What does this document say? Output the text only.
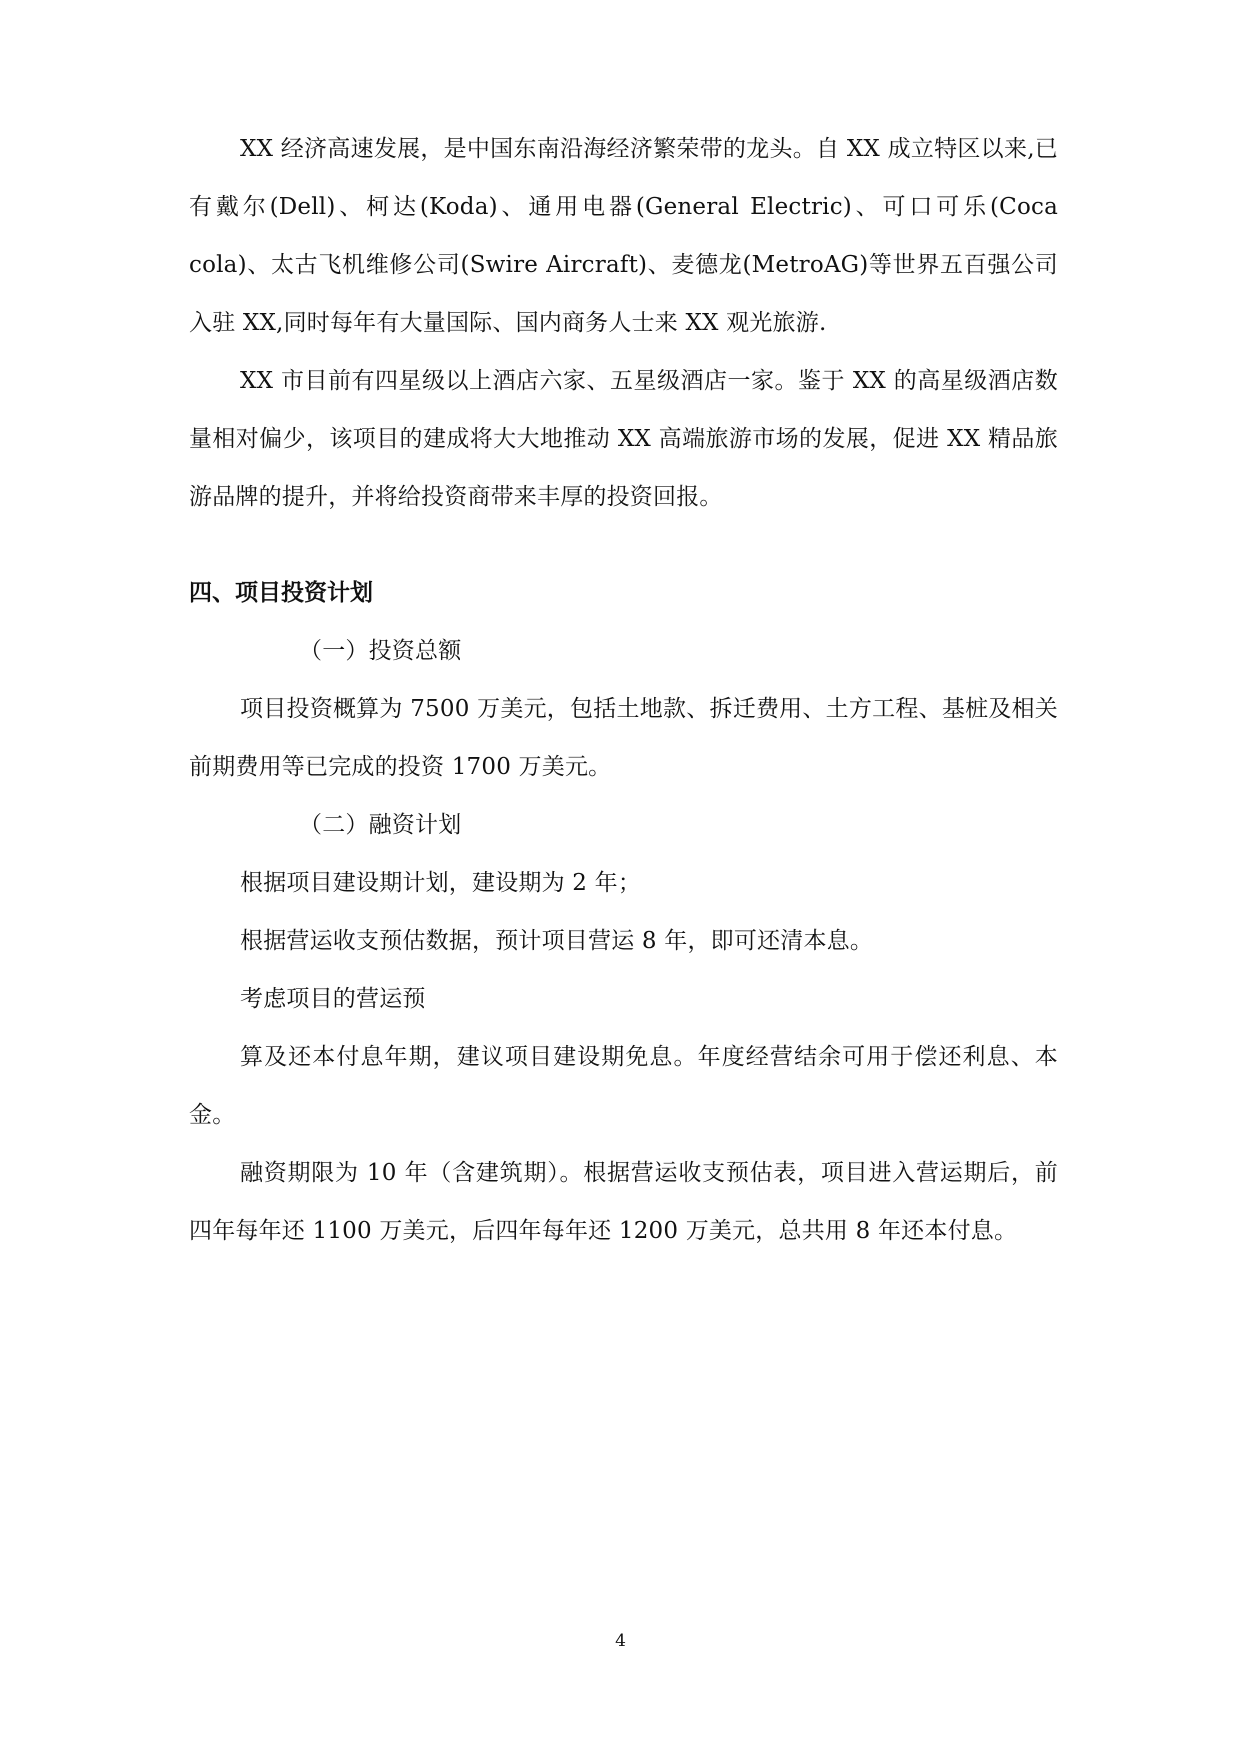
XX 经济高速发展，是中国东南沿海经济繁荣带的龙头。自 XX 成立特区以来,已有戴尔(Dell)、柯达(Koda)、通用电器(General Electric)、可口可乐(Coca cola)、太古飞机维修公司(Swire Aircraft)、麦德龙(MetroAG)等世界五百强公司入驻 XX,同时每年有大量国际、国内商务人士来 XX 观光旅游.

XX 市目前有四星级以上酒店六家、五星级酒店一家。鉴于 XX 的高星级酒店数量相对偏少，该项目的建成将大大地推动 XX 高端旅游市场的发展，促进 XX 精品旅游品牌的提升，并将给投资商带来丰厚的投资回报。

四、项目投资计划

（一）投资总额

项目投资概算为 7500 万美元，包括土地款、拆迁费用、土方工程、基桩及相关前期费用等已完成的投资 1700 万美元。

（二）融资计划

根据项目建设期计划，建设期为 2 年；

根据营运收支预估数据，预计项目营运 8 年，即可还清本息。

考虑项目的营运预

算及还本付息年期，建议项目建设期免息。年度经营结余可用于偿还利息、本金。

融资期限为 10 年（含建筑期）。根据营运收支预估表，项目进入营运期后，前四年每年还 1100 万美元，后四年每年还 1200 万美元，总共用 8 年还本付息。

4
